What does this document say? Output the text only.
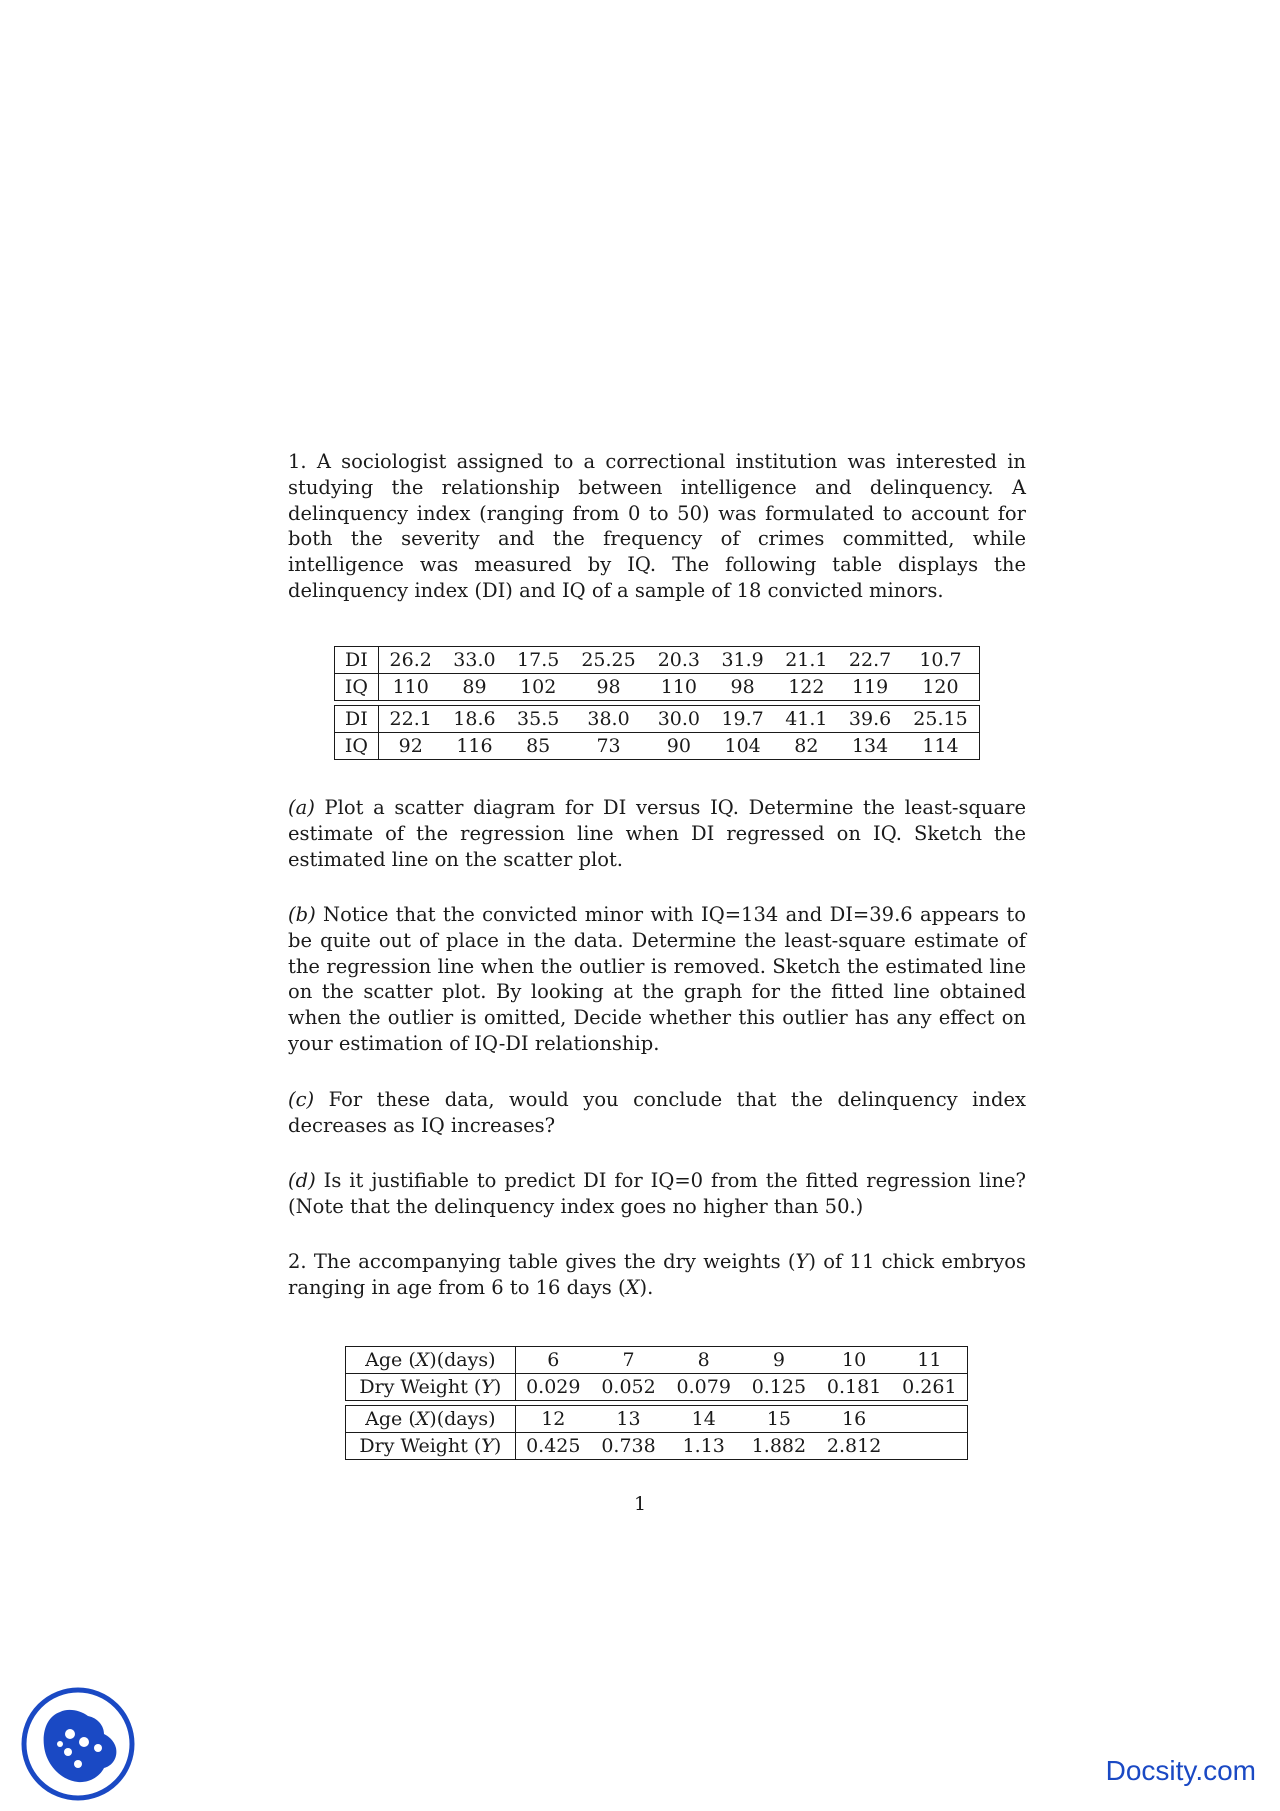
1. A sociologist assigned to a correctional institution was interested in studying the relationship between intelligence and delinquency. A delinquency index (ranging from 0 to 50) was formulated to account for both the severity and the frequency of crimes committed, while intelligence was measured by IQ. The following table displays the delinquency index (DI) and IQ of a sample of 18 convicted minors.

DI	26.2	33.0	17.5	25.25	20.3	31.9	21.1	22.7	10.7
IQ	110	89	102	98	110	98	122	119	120

DI	22.1	18.6	35.5	38.0	30.0	19.7	41.1	39.6	25.15
IQ	92	116	85	73	90	104	82	134	114

(a) Plot a scatter diagram for DI versus IQ. Determine the least-square estimate of the regression line when DI regressed on IQ. Sketch the estimated line on the scatter plot.

(b) Notice that the convicted minor with IQ=134 and DI=39.6 appears to be quite out of place in the data. Determine the least-square estimate of the regression line when the outlier is removed. Sketch the estimated line on the scatter plot. By looking at the graph for the fitted line obtained when the outlier is omitted, Decide whether this outlier has any effect on your estimation of IQ-DI relationship.

(c) For these data, would you conclude that the delinquency index decreases as IQ increases?

(d) Is it justifiable to predict DI for IQ=0 from the fitted regression line?(Note that the delinquency index goes no higher than 50.)

2. The accompanying table gives the dry weights (Y) of 11 chick embryos ranging in age from 6 to 16 days (X).

Age (X)(days)	6	7	8	9	10	11
Dry Weight (Y)	0.029	0.052	0.079	0.125	0.181	0.261

Age (X)(days)	12	13	14	15	16	
Dry Weight (Y)	0.425	0.738	1.13	1.882	2.812	
1
Docsity.com
